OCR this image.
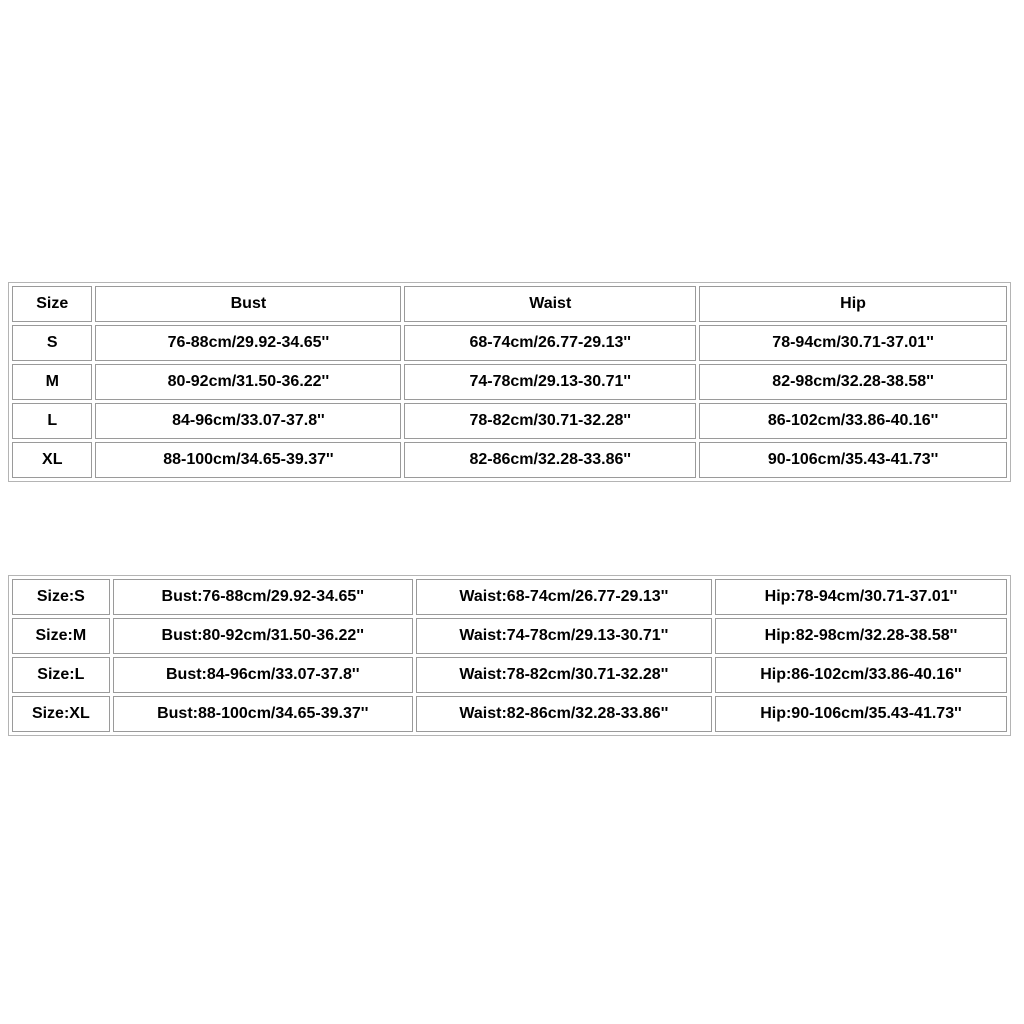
Size	Bust	Waist	Hip
S	76-88cm/29.92-34.65''	68-74cm/26.77-29.13''	78-94cm/30.71-37.01''
M	80-92cm/31.50-36.22''	74-78cm/29.13-30.71''	82-98cm/32.28-38.58''
L	84-96cm/33.07-37.8''	78-82cm/30.71-32.28''	86-102cm/33.86-40.16''
XL	88-100cm/34.65-39.37''	82-86cm/32.28-33.86''	90-106cm/35.43-41.73''
Size:S	Bust:76-88cm/29.92-34.65''	Waist:68-74cm/26.77-29.13''	Hip:78-94cm/30.71-37.01''
Size:M	Bust:80-92cm/31.50-36.22''	Waist:74-78cm/29.13-30.71''	Hip:82-98cm/32.28-38.58''
Size:L	Bust:84-96cm/33.07-37.8''	Waist:78-82cm/30.71-32.28''	Hip:86-102cm/33.86-40.16''
Size:XL	Bust:88-100cm/34.65-39.37''	Waist:82-86cm/32.28-33.86''	Hip:90-106cm/35.43-41.73''
